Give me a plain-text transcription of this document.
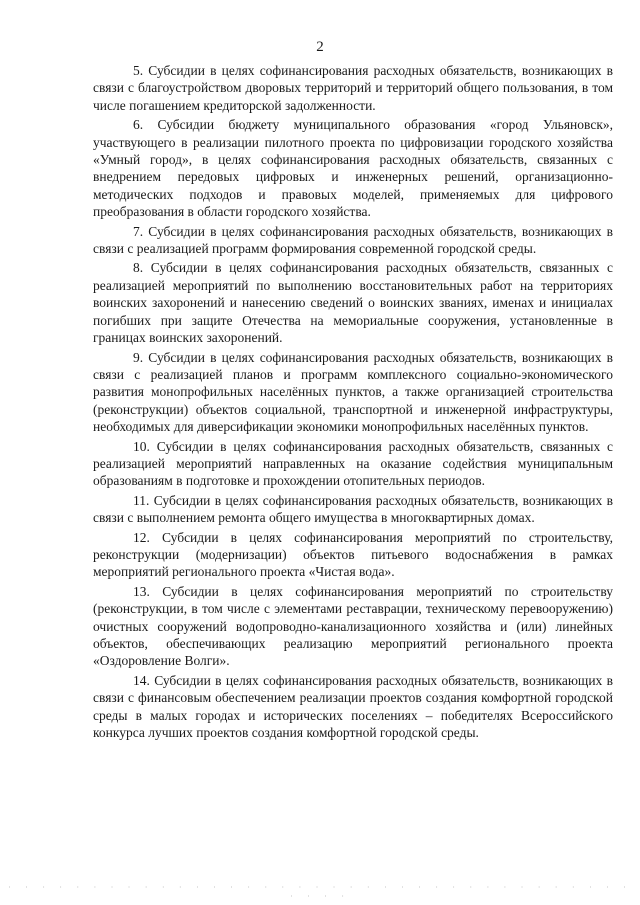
2

5. Субсидии в целях софинансирования расходных обязательств, возникающих в связи с благоустройством дворовых территорий и территорий общего пользования, в том числе погашением кредиторской задолженности.

6. Субсидии бюджету муниципального образования «город Ульяновск», участвующего в реализации пилотного проекта по цифровизации городского хозяйства «Умный город», в целях софинансирования расходных обязательств, связанных с внедрением передовых цифровых и инженерных решений, организационно-методических подходов и правовых моделей, применяемых для цифрового преобразования в области городского хозяйства.

7. Субсидии в целях софинансирования расходных обязательств, возникающих в связи с реализацией программ формирования современной городской среды.

8. Субсидии в целях софинансирования расходных обязательств, связанных с реализацией мероприятий по выполнению восстановительных работ на территориях воинских захоронений и нанесению сведений о воинских званиях, именах и инициалах погибших при защите Отечества на мемориальные сооружения, установленные в границах воинских захоронений.

9. Субсидии в целях софинансирования расходных обязательств, возникающих в связи с реализацией планов и программ комплексного социально-экономического развития монопрофильных населённых пунктов, а также организацией строительства (реконструкции) объектов социальной, транспортной и инженерной инфраструктуры, необходимых для диверсификации экономики монопрофильных населённых пунктов.

10. Субсидии в целях софинансирования расходных обязательств, связанных с реализацией мероприятий направленных на оказание содействия муниципальным образованиям в подготовке и прохождении отопительных периодов.

11. Субсидии в целях софинансирования расходных обязательств, возникающих в связи с выполнением ремонта общего имущества в многоквартирных домах.

12. Субсидии в целях софинансирования мероприятий по строительству, реконструкции (модернизации) объектов питьевого водоснабжения в рамках мероприятий регионального проекта «Чистая вода».

13. Субсидии в целях софинансирования мероприятий по строительству (реконструкции, в том числе с элементами реставрации, техническому перевооружению) очистных сооружений водопроводно-канализационного хозяйства и (или) линейных объектов, обеспечивающих реализацию мероприятий регионального проекта «Оздоровление Волги».

14. Субсидии в целях софинансирования расходных обязательств, возникающих в связи с финансовым обеспечением реализации проектов создания комфортной городской среды в малых городах и исторических поселениях – победителях Всероссийского конкурса лучших проектов создания комфортной городской среды.

· · · · · · · · · · · · · · · · · · · · · · · · · · · · · · · · · · · · · · · · ·
